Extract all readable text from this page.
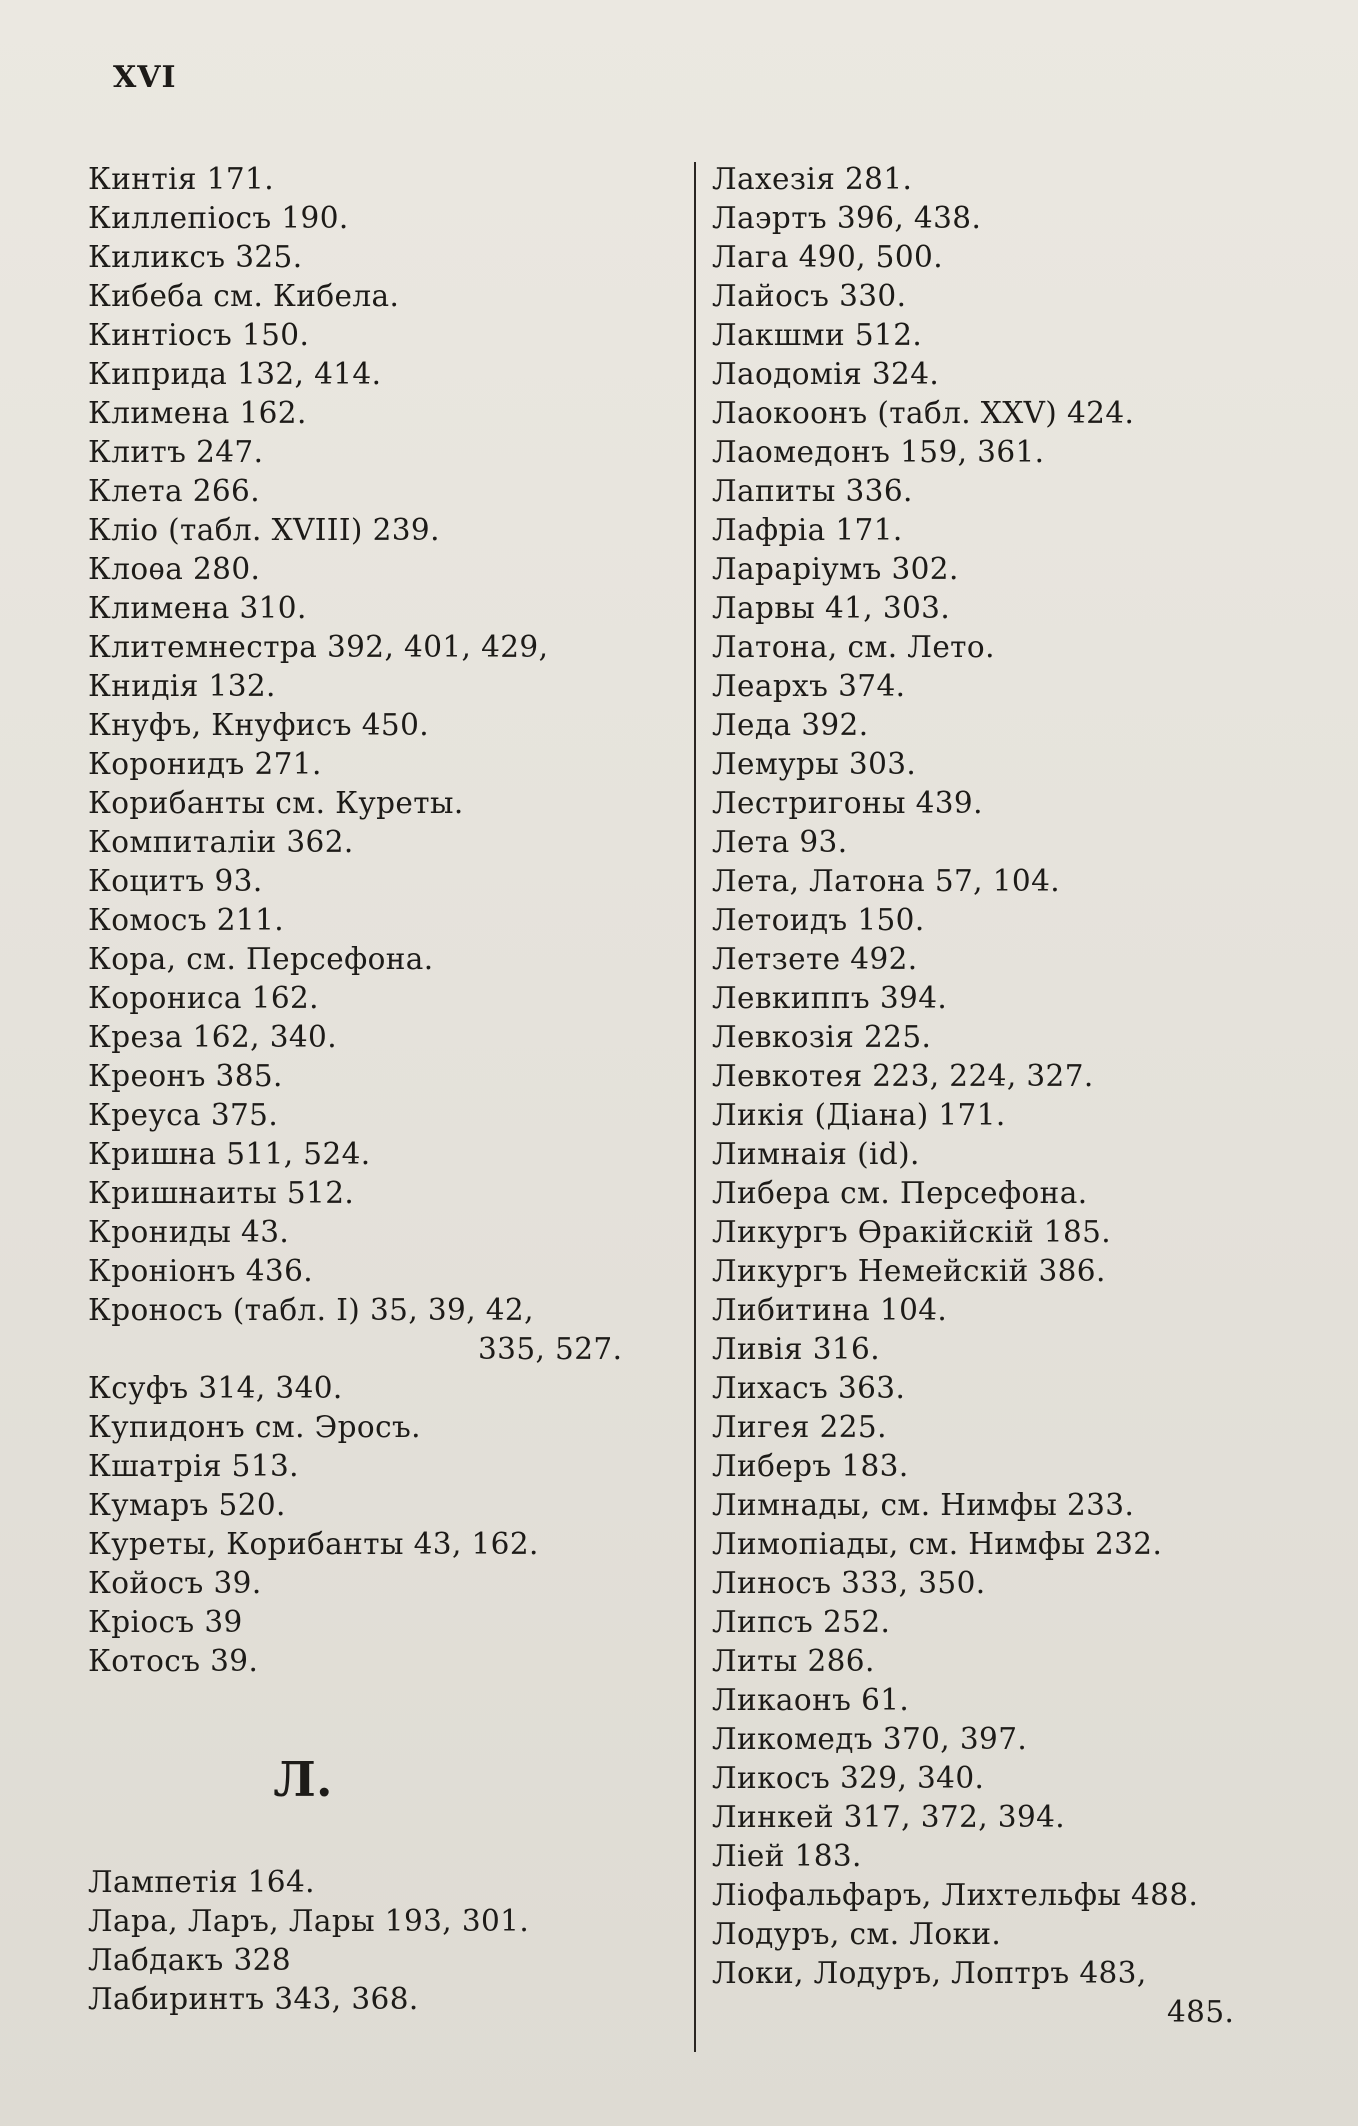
XVI
Кинтія 171.
Киллепіосъ 190.
Киликсъ 325.
Кибеба см. Кибела.
Кинтіосъ 150.
Киприда 132, 414.
Климена 162.
Клитъ 247.
Клета 266.
Кліо (табл. XVIII) 239.
Клоѳа 280.
Климена 310.
Клитемнестра 392, 401, 429,
Книдія 132.
Кнуфъ, Кнуфисъ 450.
Коронидъ 271.
Корибанты см. Куреты.
Компиталіи 362.
Коцитъ 93.
Комосъ 211.
Кора, см. Персефона.
Корониса 162.
Креза 162, 340.
Креонъ 385.
Креуса 375.
Кришна 511, 524.
Кришнаиты 512.
Крониды 43.
Кроніонъ 436.
Кроносъ (табл. I) 35, 39, 42,
335, 527.
Ксуфъ 314, 340.
Купидонъ см. Эросъ.
Кшатрія 513.
Кумаръ 520.
Куреты, Корибанты 43, 162.
Койосъ 39.
Кріосъ 39
Котосъ 39.
Л.
Лампетія 164.
Лара, Ларъ, Лары 193, 301.
Лабдакъ 328
Лабиринтъ 343, 368.
Лахезія 281.
Лаэртъ 396, 438.
Лага 490, 500.
Лайосъ 330.
Лакшми 512.
Лаодомія 324.
Лаокоонъ (табл. XXV) 424.
Лаомедонъ 159, 361.
Лапиты 336.
Лафріа 171.
Ларарiумъ 302.
Ларвы 41, 303.
Латона, см. Лето.
Леархъ 374.
Леда 392.
Лемуры 303.
Лестригоны 439.
Лета 93.
Лета, Латона 57, 104.
Летоидъ 150.
Летзете 492.
Левкиппъ 394.
Левкозія 225.
Левкотея 223, 224, 327.
Ликія (Діана) 171.
Лимнаія (id).
Либера см. Персефона.
Ликургъ Ѳракійскій 185.
Ликургъ Немейскій 386.
Либитина 104.
Ливія 316.
Лихасъ 363.
Лигея 225.
Либеръ 183.
Лимнады, см. Нимфы 233.
Лимопіады, см. Нимфы 232.
Линосъ 333, 350.
Липсъ 252.
Литы 286.
Ликаонъ 61.
Ликомедъ 370, 397.
Ликосъ 329, 340.
Линкей 317, 372, 394.
Ліей 183.
Ліофальфаръ, Лихтельфы 488.
Лодуръ, см. Локи.
Локи, Лодуръ, Лоптръ 483,
485.
